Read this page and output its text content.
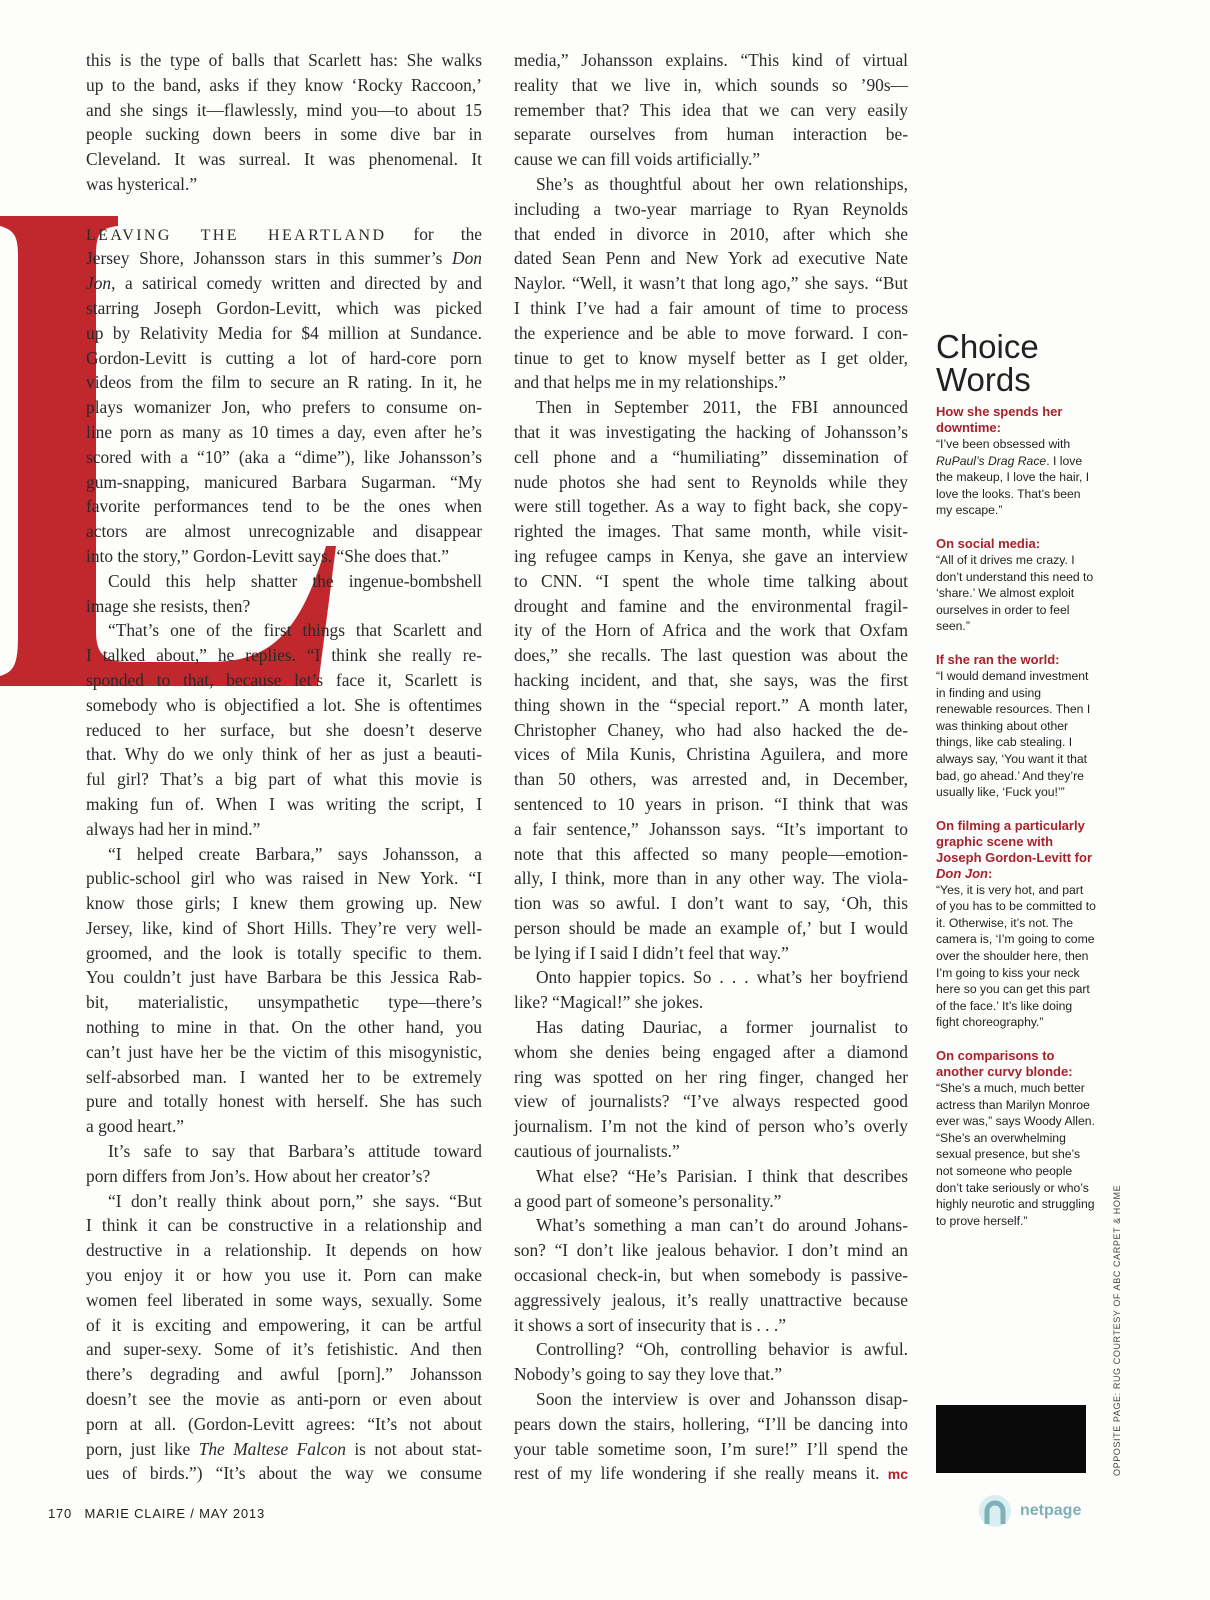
this is the type of balls that Scarlett has: She walks
up to the band, asks if they know ‘Rocky Raccoon,’
and she sings it—flawlessly, mind you—to about 15
people sucking down beers in some dive bar in
Cleveland. It was surreal. It was phenomenal. It
was hysterical.”
LEAVING THE HEARTLAND for the
Jersey Shore, Johansson stars in this summer’s Don
Jon, a satirical comedy written and directed by and
starring Joseph Gordon-Levitt, which was picked
up by Relativity Media for $4 million at Sundance.
Gordon-Levitt is cutting a lot of hard-core porn
videos from the film to secure an R rating. In it, he
plays womanizer Jon, who prefers to consume on-
line porn as many as 10 times a day, even after he’s
scored with a “10” (aka a “dime”), like Johansson’s
gum-snapping, manicured Barbara Sugarman. “My
favorite performances tend to be the ones when
actors are almost unrecognizable and disappear
into the story,” Gordon-Levitt says. “She does that.”
Could this help shatter the ingenue-bombshell
image she resists, then?
“That’s one of the first things that Scarlett and
I talked about,” he replies. “I think she really re-
sponded to that, because let’s face it, Scarlett is
somebody who is objectified a lot. She is oftentimes
reduced to her surface, but she doesn’t deserve
that. Why do we only think of her as just a beauti-
ful girl? That’s a big part of what this movie is
making fun of. When I was writing the script, I
always had her in mind.”
“I helped create Barbara,” says Johansson, a
public-school girl who was raised in New York. “I
know those girls; I knew them growing up. New
Jersey, like, kind of Short Hills. They’re very well-
groomed, and the look is totally specific to them.
You couldn’t just have Barbara be this Jessica Rab-
bit, materialistic, unsympathetic type—there’s
nothing to mine in that. On the other hand, you
can’t just have her be the victim of this misogynistic,
self-absorbed man. I wanted her to be extremely
pure and totally honest with herself. She has such
a good heart.”
It’s safe to say that Barbara’s attitude toward
porn differs from Jon’s. How about her creator’s?
“I don’t really think about porn,” she says. “But
I think it can be constructive in a relationship and
destructive in a relationship. It depends on how
you enjoy it or how you use it. Porn can make
women feel liberated in some ways, sexually. Some
of it is exciting and empowering, it can be artful
and super-sexy. Some of it’s fetishistic. And then
there’s degrading and awful [porn].” Johansson
doesn’t see the movie as anti-porn or even about
porn at all. (Gordon-Levitt agrees: “It’s not about
porn, just like The Maltese Falcon is not about stat-
ues of birds.”) “It’s about the way we consume
media,” Johansson explains. “This kind of virtual
reality that we live in, which sounds so ’90s—
remember that? This idea that we can very easily
separate ourselves from human interaction be-
cause we can fill voids artificially.”
She’s as thoughtful about her own relationships,
including a two-year marriage to Ryan Reynolds
that ended in divorce in 2010, after which she
dated Sean Penn and New York ad executive Nate
Naylor. “Well, it wasn’t that long ago,” she says. “But
I think I’ve had a fair amount of time to process
the experience and be able to move forward. I con-
tinue to get to know myself better as I get older,
and that helps me in my relationships.”
Then in September 2011, the FBI announced
that it was investigating the hacking of Johansson’s
cell phone and a “humiliating” dissemination of
nude photos she had sent to Reynolds while they
were still together. As a way to fight back, she copy-
righted the images. That same month, while visit-
ing refugee camps in Kenya, she gave an interview
to CNN. “I spent the whole time talking about
drought and famine and the environmental fragil-
ity of the Horn of Africa and the work that Oxfam
does,” she recalls. The last question was about the
hacking incident, and that, she says, was the first
thing shown in the “special report.” A month later,
Christopher Chaney, who had also hacked the de-
vices of Mila Kunis, Christina Aguilera, and more
than 50 others, was arrested and, in December,
sentenced to 10 years in prison. “I think that was
a fair sentence,” Johansson says. “It’s important to
note that this affected so many people—emotion-
ally, I think, more than in any other way. The viola-
tion was so awful. I don’t want to say, ‘Oh, this
person should be made an example of,’ but I would
be lying if I said I didn’t feel that way.”
Onto happier topics. So . . . what’s her boyfriend
like? “Magical!” she jokes.
Has dating Dauriac, a former journalist to
whom she denies being engaged after a diamond
ring was spotted on her ring finger, changed her
view of journalists? “I’ve always respected good
journalism. I’m not the kind of person who’s overly
cautious of journalists.”
What else? “He’s Parisian. I think that describes
a good part of someone’s personality.”
What’s something a man can’t do around Johans-
son? “I don’t like jealous behavior. I don’t mind an
occasional check-in, but when somebody is passive-
aggressively jealous, it’s really unattractive because
it shows a sort of insecurity that is . . .”
Controlling? “Oh, controlling behavior is awful.
Nobody’s going to say they love that.”
Soon the interview is over and Johansson disap-
pears down the stairs, hollering, “I’ll be dancing into
your table sometime soon, I’m sure!” I’ll spend the
rest of my life wondering if she really means it. mc
Choice Words
How she spends her downtime:
“I’ve been obsessed with RuPaul’s Drag Race. I love the makeup, I love the hair, I love the looks. That’s been my escape.”
On social media:
“All of it drives me crazy. I don’t understand this need to ‘share.’ We almost exploit ourselves in order to feel seen.”
If she ran the world:
“I would demand investment in finding and using renewable resources. Then I was thinking about other things, like cab stealing. I always say, ‘You want it that bad, go ahead.’ And they’re usually like, ‘Fuck you!’”
On filming a particularly graphic scene with Joseph Gordon-Levitt for Don Jon:
“Yes, it is very hot, and part of you has to be committed to it. Otherwise, it’s not. The camera is, ‘I’m going to come over the shoulder here, then I’m going to kiss your neck here so you can get this part of the face.’ It’s like doing fight choreography.”
On comparisons to another curvy blonde:
“She’s a much, much better actress than Marilyn Monroe ever was,” says Woody Allen. “She’s an overwhelming sexual presence, but she’s not someone who people don’t take seriously or who’s highly neurotic and struggling to prove herself.”	OPPOSITE PAGE: RUG COURTESY OF ABC CARPET & HOME
170 MARIE CLAIRE / MAY 2013	netpage
